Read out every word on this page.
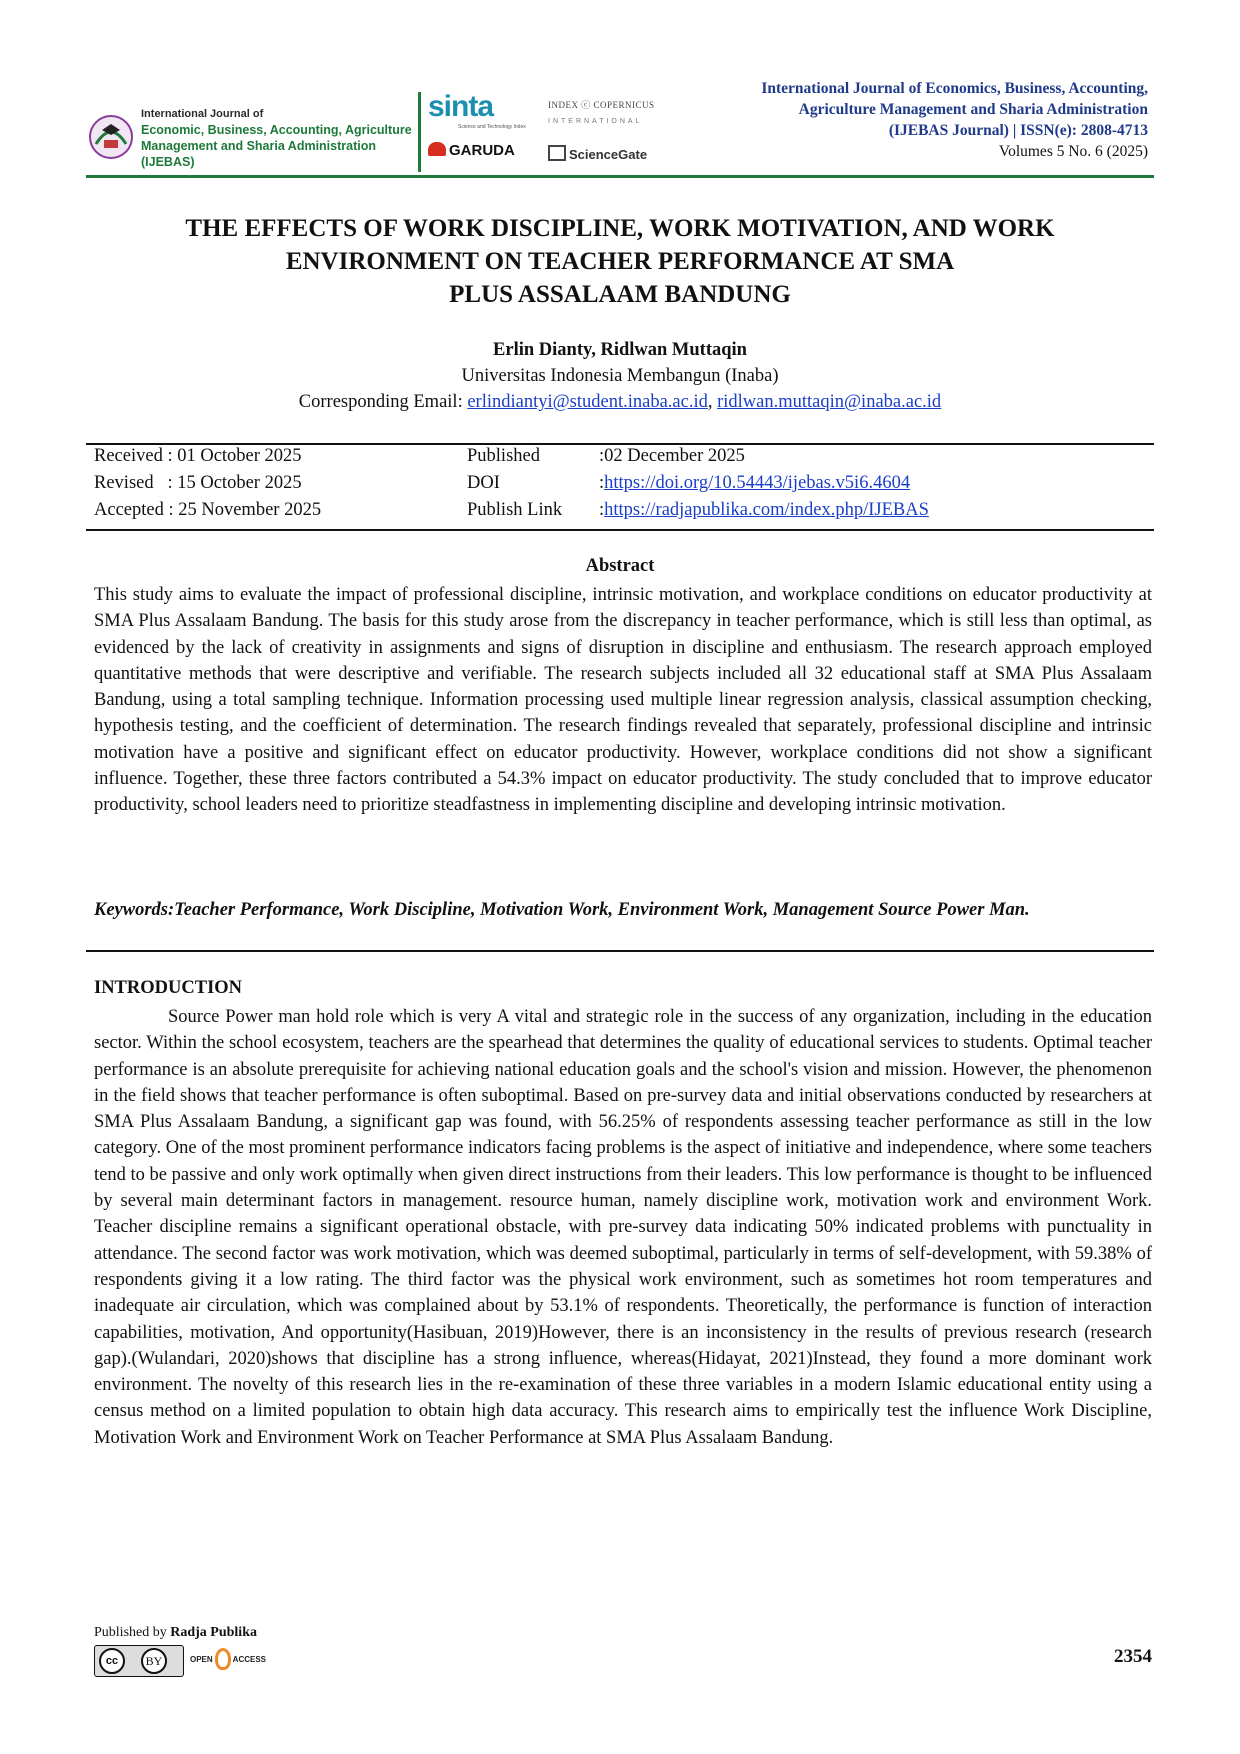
International Journal of
Economic, Business, Accounting, Agriculture
Management and Sharia Administration (IJEBAS)
sinta
Science and Technology Index
INDEX ⓒ COPERNICUS
INTERNATIONAL
GARUDA	ScienceGate
International Journal of Economics, Business, Accounting,
Agriculture Management and Sharia Administration
(IJEBAS Journal) | ISSN(e): 2808-4713
Volumes 5 No. 6 (2025)
THE EFFECTS OF WORK DISCIPLINE, WORK MOTIVATION, AND WORK
ENVIRONMENT ON TEACHER PERFORMANCE AT SMA
PLUS ASSALAAM BANDUNG
Erlin Dianty, Ridlwan Muttaqin
Universitas Indonesia Membangun (Inaba)
Corresponding Email: erlindiantyi@student.inaba.ac.id, ridlwan.muttaqin@inaba.ac.id
Received : 01 October 2025	Published	:02 December 2025
Revised   : 15 October 2025	DOI	:https://doi.org/10.54443/ijebas.v5i6.4604
Accepted : 25 November 2025	Publish Link	:https://radjapublika.com/index.php/IJEBAS
Abstract
This study aims to evaluate the impact of professional discipline, intrinsic motivation, and workplace conditions on educator productivity at SMA Plus Assalaam Bandung. The basis for this study arose from the discrepancy in teacher performance, which is still less than optimal, as evidenced by the lack of creativity in assignments and signs of disruption in discipline and enthusiasm. The research approach employed quantitative methods that were descriptive and verifiable. The research subjects included all 32 educational staff at SMA Plus Assalaam Bandung, using a total sampling technique. Information processing used multiple linear regression analysis, classical assumption checking, hypothesis testing, and the coefficient of determination. The research findings revealed that separately, professional discipline and intrinsic motivation have a positive and significant effect on educator productivity. However, workplace conditions did not show a significant influence. Together, these three factors contributed a 54.3% impact on educator productivity. The study concluded that to improve educator productivity, school leaders need to prioritize steadfastness in implementing discipline and developing intrinsic motivation.
Keywords:Teacher Performance, Work Discipline, Motivation Work, Environment Work, Management Source Power Man.
INTRODUCTION
Source Power man hold role which is very A vital and strategic role in the success of any organization, including in the education sector. Within the school ecosystem, teachers are the spearhead that determines the quality of educational services to students. Optimal teacher performance is an absolute prerequisite for achieving national education goals and the school's vision and mission. However, the phenomenon in the field shows that teacher performance is often suboptimal. Based on pre-survey data and initial observations conducted by researchers at SMA Plus Assalaam Bandung, a significant gap was found, with 56.25% of respondents assessing teacher performance as still in the low category. One of the most prominent performance indicators facing problems is the aspect of initiative and independence, where some teachers tend to be passive and only work optimally when given direct instructions from their leaders. This low performance is thought to be influenced by several main determinant factors in management. resource human, namely discipline work, motivation work and environment Work. Teacher discipline remains a significant operational obstacle, with pre-survey data indicating 50% indicated problems with punctuality in attendance. The second factor was work motivation, which was deemed suboptimal, particularly in terms of self-development, with 59.38% of respondents giving it a low rating. The third factor was the physical work environment, such as sometimes hot room temperatures and inadequate air circulation, which was complained about by 53.1% of respondents. Theoretically, the performance is function of interaction capabilities, motivation, And opportunity(Hasibuan, 2019)However, there is an inconsistency in the results of previous research (research gap).(Wulandari, 2020)shows that discipline has a strong influence, whereas(Hidayat, 2021)Instead, they found a more dominant work environment. The novelty of this research lies in the re-examination of these three variables in a modern Islamic educational entity using a census method on a limited population to obtain high data accuracy. This research aims to empirically test the influence Work Discipline, Motivation Work and Environment Work on Teacher Performance at SMA Plus Assalaam Bandung.
Published by Radja Publika
cc	BY	OPEN	ACCESS	2354
